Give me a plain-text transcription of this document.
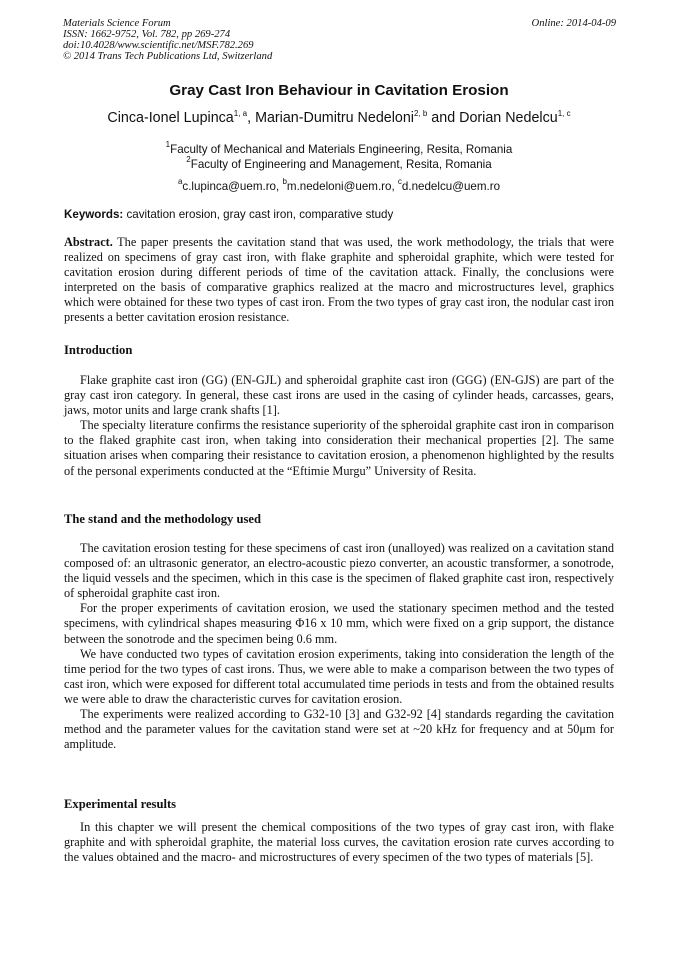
Materials Science Forum
ISSN: 1662-9752, Vol. 782, pp 269-274
doi:10.4028/www.scientific.net/MSF.782.269
© 2014 Trans Tech Publications Ltd, Switzerland
Online: 2014-04-09
Gray Cast Iron Behaviour in Cavitation Erosion
Cinca-Ionel Lupinca$^{1, a}$, Marian-Dumitru Nedeloni$^{2, b}$ and Dorian Nedelcu$^{1, c}$
$^1$Faculty of Mechanical and Materials Engineering, Resita, Romania
$^2$Faculty of Engineering and Management, Resita, Romania
$^a$c.lupinca@uem.ro, $^b$m.nedeloni@uem.ro, $^c$d.nedelcu@uem.ro
Keywords: cavitation erosion, gray cast iron, comparative study

Abstract. The paper presents the cavitation stand that was used, the work methodology, the trials that were realized on specimens of gray cast iron, with flake graphite and spheroidal graphite, which were tested for cavitation erosion during different periods of time of the cavitation attack. Finally, the conclusions were interpreted on the basis of comparative graphics realized at the macro and microstructures level, graphics which were obtained for these two types of cast iron. From the two types of gray cast iron, the nodular cast iron presents a better cavitation erosion resistance.

Introduction

Flake graphite cast iron (GG) (EN-GJL) and spheroidal graphite cast iron (GGG) (EN-GJS) are part of the gray cast iron category. In general, these cast irons are used in the casing of cylinder heads, carcasses, gears, jaws, motor units and large crank shafts [1].

The specialty literature confirms the resistance superiority of the spheroidal graphite cast iron in comparison to the flaked graphite cast iron, when taking into consideration their mechanical properties [2]. The same situation arises when comparing their resistance to cavitation erosion, a phenomenon highlighted by the results of the personal experiments conducted at the “Eftimie Murgu” University of Resita.

The stand and the methodology used

The cavitation erosion testing for these specimens of cast iron (unalloyed) was realized on a cavitation stand composed of: an ultrasonic generator, an electro-acoustic piezo converter, an acoustic transformer, a sonotrode, the liquid vessels and the specimen, which in this case is the specimen of flaked graphite cast iron, respectively of spheroidal graphite cast iron.

For the proper experiments of cavitation erosion, we used the stationary specimen method and the tested specimens, with cylindrical shapes measuring Φ16 x 10 mm, which were fixed on a grip support, the distance between the sonotrode and the specimen being 0.6 mm.

We have conducted two types of cavitation erosion experiments, taking into consideration the length of the time period for the two types of cast irons. Thus, we were able to make a comparison between the two types of cast iron, which were exposed for different total accumulated time periods in tests and from the obtained results we were able to draw the characteristic curves for cavitation erosion.

The experiments were realized according to G32-10 [3] and G32-92 [4] standards regarding the cavitation method and the parameter values for the cavitation stand were set at ~20 kHz for frequency and at 50μm for amplitude.

Experimental results

In this chapter we will present the chemical compositions of the two types of gray cast iron, with flake graphite and with spheroidal graphite, the material loss curves, the cavitation erosion rate curves according to the values obtained and the macro- and microstructures of every specimen of the two types of materials [5].
